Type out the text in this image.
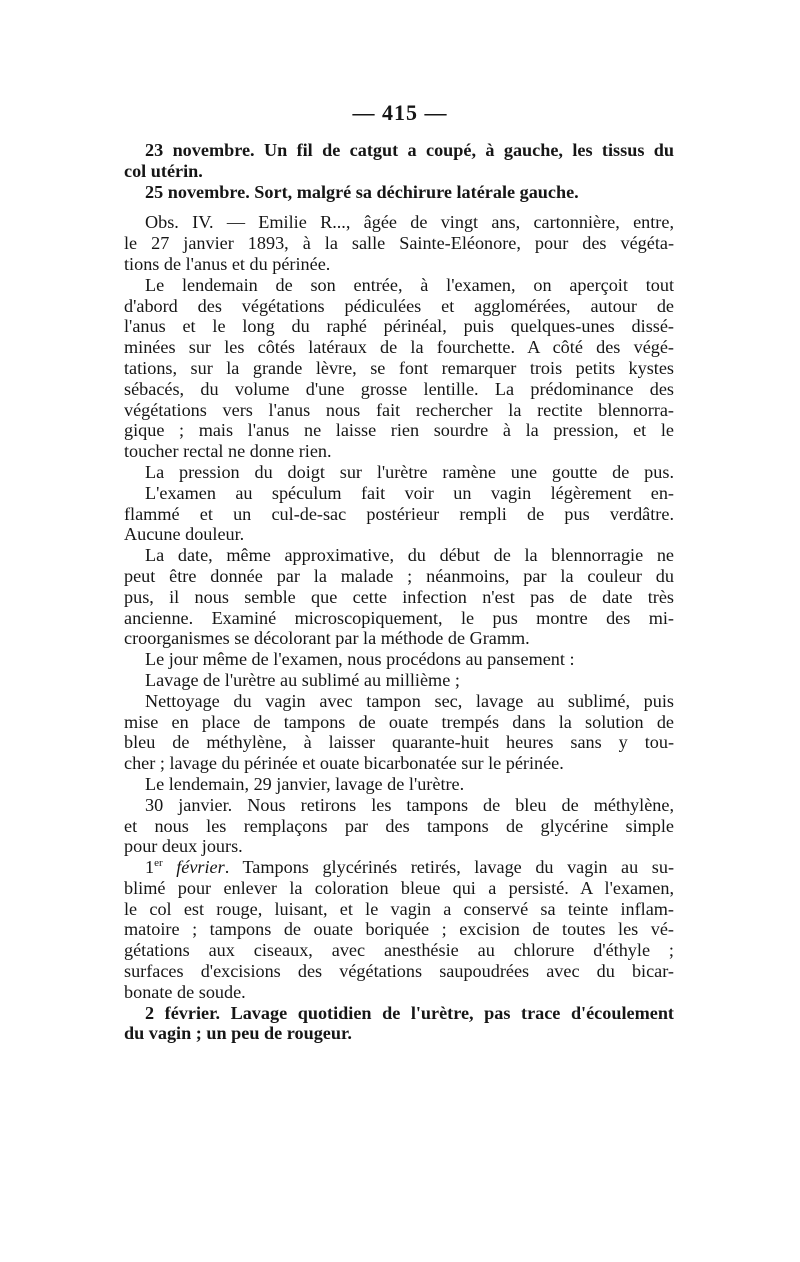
— 415 —
23 novembre. Un fil de catgut a coupé, à gauche, les tissus du
col utérin.
25 novembre. Sort, malgré sa déchirure latérale gauche.
Obs. IV. — Emilie R..., âgée de vingt ans, cartonnière, entre,
le 27 janvier 1893, à la salle Sainte-Eléonore, pour des végéta-
tions de l'anus et du périnée.
Le lendemain de son entrée, à l'examen, on aperçoit tout
d'abord des végétations pédiculées et agglomérées, autour de
l'anus et le long du raphé périnéal, puis quelques-unes dissé-
minées sur les côtés latéraux de la fourchette. A côté des végé-
tations, sur la grande lèvre, se font remarquer trois petits kystes
sébacés, du volume d'une grosse lentille. La prédominance des
végétations vers l'anus nous fait rechercher la rectite blennorra-
gique ; mais l'anus ne laisse rien sourdre à la pression, et le
toucher rectal ne donne rien.
La pression du doigt sur l'urètre ramène une goutte de pus.
L'examen au spéculum fait voir un vagin légèrement en-
flammé et un cul-de-sac postérieur rempli de pus verdâtre.
Aucune douleur.
La date, même approximative, du début de la blennorragie ne
peut être donnée par la malade ; néanmoins, par la couleur du
pus, il nous semble que cette infection n'est pas de date très
ancienne. Examiné microscopiquement, le pus montre des mi-
croorganismes se décolorant par la méthode de Gramm.
Le jour même de l'examen, nous procédons au pansement :
Lavage de l'urètre au sublimé au millième ;
Nettoyage du vagin avec tampon sec, lavage au sublimé, puis
mise en place de tampons de ouate trempés dans la solution de
bleu de méthylène, à laisser quarante-huit heures sans y tou-
cher ; lavage du périnée et ouate bicarbonatée sur le périnée.
Le lendemain, 29 janvier, lavage de l'urètre.
30 janvier. Nous retirons les tampons de bleu de méthylène,
et nous les remplaçons par des tampons de glycérine simple
pour deux jours.
1er février. Tampons glycérinés retirés, lavage du vagin au su-
blimé pour enlever la coloration bleue qui a persisté. A l'examen,
le col est rouge, luisant, et le vagin a conservé sa teinte inflam-
matoire ; tampons de ouate boriquée ; excision de toutes les vé-
gétations aux ciseaux, avec anesthésie au chlorure d'éthyle ;
surfaces d'excisions des végétations saupoudrées avec du bicar-
bonate de soude.
2 février. Lavage quotidien de l'urètre, pas trace d'écoulement
du vagin ; un peu de rougeur.
